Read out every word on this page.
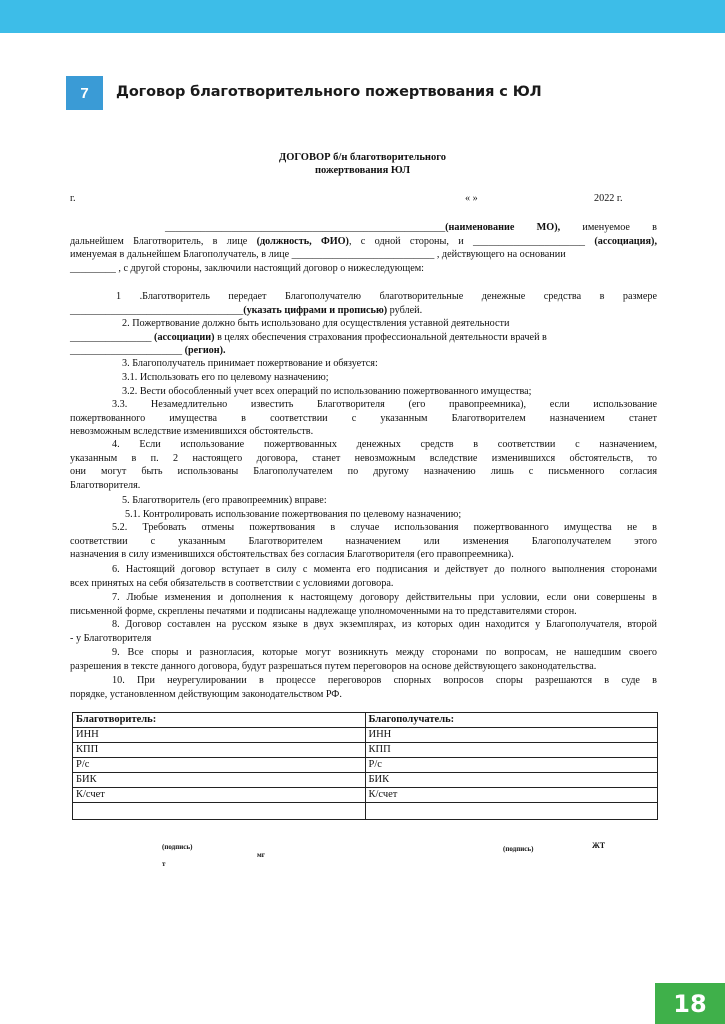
7	Договор благотворительного пожертвования с ЮЛ
ДОГОВОР б/н благотворительного
пожертвования ЮЛ
г.	« »	2022 г.
_______________________________________________________(наименование МО), именуемое в
дальнейшем Благотворитель, в лице (должность, ФИО), с одной стороны, и ______________________ (ассоциация),
именуемая в дальнейшем Благополучатель, в лице ____________________________ , действующего на основании
_________ , с другой стороны, заключили настоящий договор о нижеследующем:
1 .Благотворитель передает Благополучателю благотворительные денежные средства в размере
__________________________________(указать цифрами и прописью) рублей.
2. Пожертвование должно быть использовано для осуществления уставной деятельности
________________ (ассоциации) в целях обеспечения страхования профессиональной деятельности врачей в
______________________ (регион).
3. Благополучатель принимает пожертвование и обязуется:
3.1. Использовать его по целевому назначению;
3.2. Вести обособленный учет всех операций по использованию пожертвованного имущества;
3.3. Незамедлительно известить Благотворителя (его правопреемника), если использование
пожертвованного имущества в соответствии с указанным Благотворителем назначением станет
невозможным вследствие изменившихся обстоятельств.
4. Если использование пожертвованных денежных средств в соответствии с назначением,
указанным в п. 2 настоящего договора, станет невозможным вследствие изменившихся обстоятельств, то
они могут быть использованы Благополучателем по другому назначению лишь с письменного согласия
Благотворителя.
5. Благотворитель (его правопреемник) вправе:
5.1. Контролировать использование пожертвования по целевому назначению;
5.2. Требовать отмены пожертвования в случае использования пожертвованного имущества не в
соответствии с указанным Благотворителем назначением или изменения Благополучателем этого
назначения в силу изменившихся обстоятельствах без согласия Благотворителя (его правопреемника).
6. Настоящий договор вступает в силу с момента его подписания и действует до полного выполнения сторонами
всех принятых на себя обязательств в соответствии с условиями договора.
7. Любые изменения и дополнения к настоящему договору действительны при условии, если они совершены в
письменной форме, скреплены печатями и подписаны надлежаще уполномоченными на то представителями сторон.
8. Договор составлен на русском языке в двух экземплярах, из которых один находится у Благополучателя, второй
- у Благотворителя
9. Все споры и разногласия, которые могут возникнуть между сторонами по вопросам, не нашедшим своего
разрешения в тексте данного договора, будут разрешаться путем переговоров на основе действующего законодательства.
10. При неурегулировании в процессе переговоров спорных вопросов споры разрешаются в суде в
порядке, установленном действующим законодательством РФ.
Благотворитель:	Благополучатель:
ИНН	ИНН
КПП	КПП
Р/с	Р/с
БИК	БИК
К/счет	К/счет

(подпись)
мг
т
(подпись)	ЖТ
18
